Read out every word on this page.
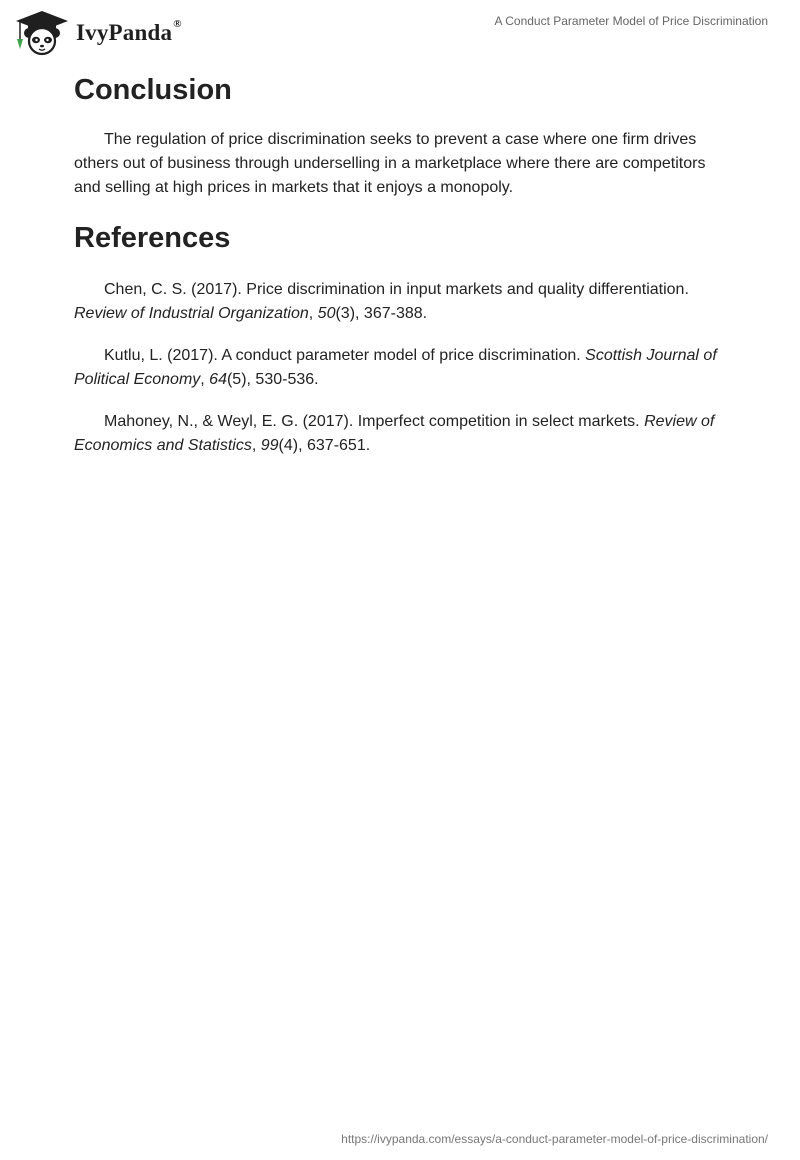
IvyPanda®	A Conduct Parameter Model of Price Discrimination
Conclusion

The regulation of price discrimination seeks to prevent a case where one firm drives others out of business through underselling in a marketplace where there are competitors and selling at high prices in markets that it enjoys a monopoly.

References

Chen, C. S. (2017). Price discrimination in input markets and quality differentiation. Review of Industrial Organization, 50(3), 367-388.

Kutlu, L. (2017). A conduct parameter model of price discrimination. Scottish Journal of Political Economy, 64(5), 530-536.

Mahoney, N., & Weyl, E. G. (2017). Imperfect competition in select markets. Review of Economics and Statistics, 99(4), 637-651.

https://ivypanda.com/essays/a-conduct-parameter-model-of-price-discrimination/
